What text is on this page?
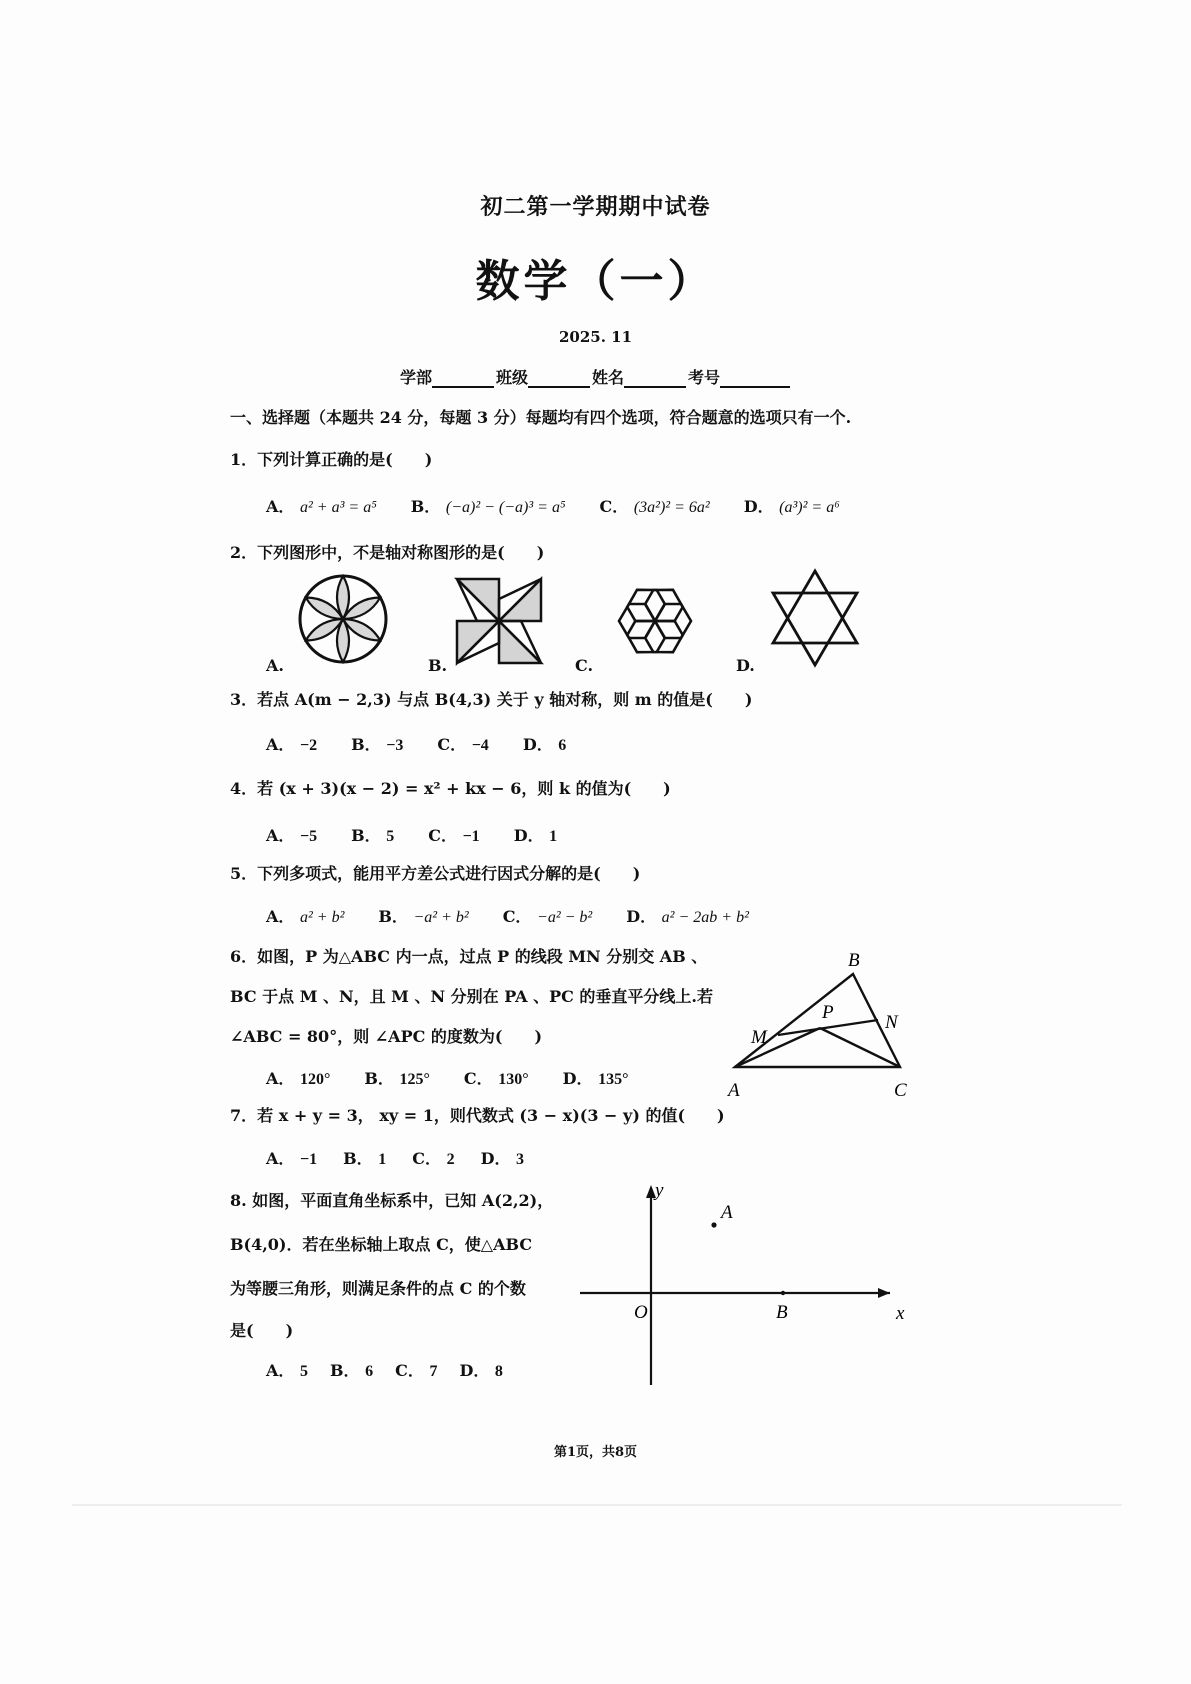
初二第一学期期中试卷
数学（一）
2025. 11
学部	班级	姓名	考号
一、选择题（本题共 24 分，每题 3 分）每题均有四个选项，符合题意的选项只有一个.
1．下列计算正确的是(　　)
A． a² + a³ = a⁵ B． (−a)² − (−a)³ = a⁵ C． (3a²)² = 6a² D． (a³)² = a⁶
2．下列图形中，不是轴对称图形的是(　　)
A.	B.	C.	D.
3．若点 A(m − 2,3) 与点 B(4,3) 关于 y 轴对称，则 m 的值是(　　)
A． −2 B． −3 C． −4 D． 6
4．若 (x + 3)(x − 2) = x² + kx − 6，则 k 的值为(　　)
A． −5 B． 5 C． −1 D． 1
5．下列多项式，能用平方差公式进行因式分解的是(　　)
A． a² + b² B． −a² + b² C． −a² − b² D． a² − 2ab + b²
6．如图，P 为△ABC 内一点，过点 P 的线段 MN 分别交 AB 、
BC 于点 M 、N，且 M 、N 分别在 PA 、PC 的垂直平分线上.若
∠ABC = 80°，则 ∠APC 的度数为(　　)
A． 120° B． 125° C． 130° D． 135°
A
B
C
M
N
P
7．若 x + y = 3， xy = 1，则代数式 (3 − x)(3 − y) 的值(　　)
A． −1 B． 1 C． 2 D． 3
8. 如图，平面直角坐标系中，已知 A(2,2)，
B(4,0)．若在坐标轴上取点 C，使△ABC
为等腰三角形，则满足条件的点 C 的个数
是(　　)
A． 5 B． 6 C． 7 D． 8
y
x
O
A
B
第1页，共8页
